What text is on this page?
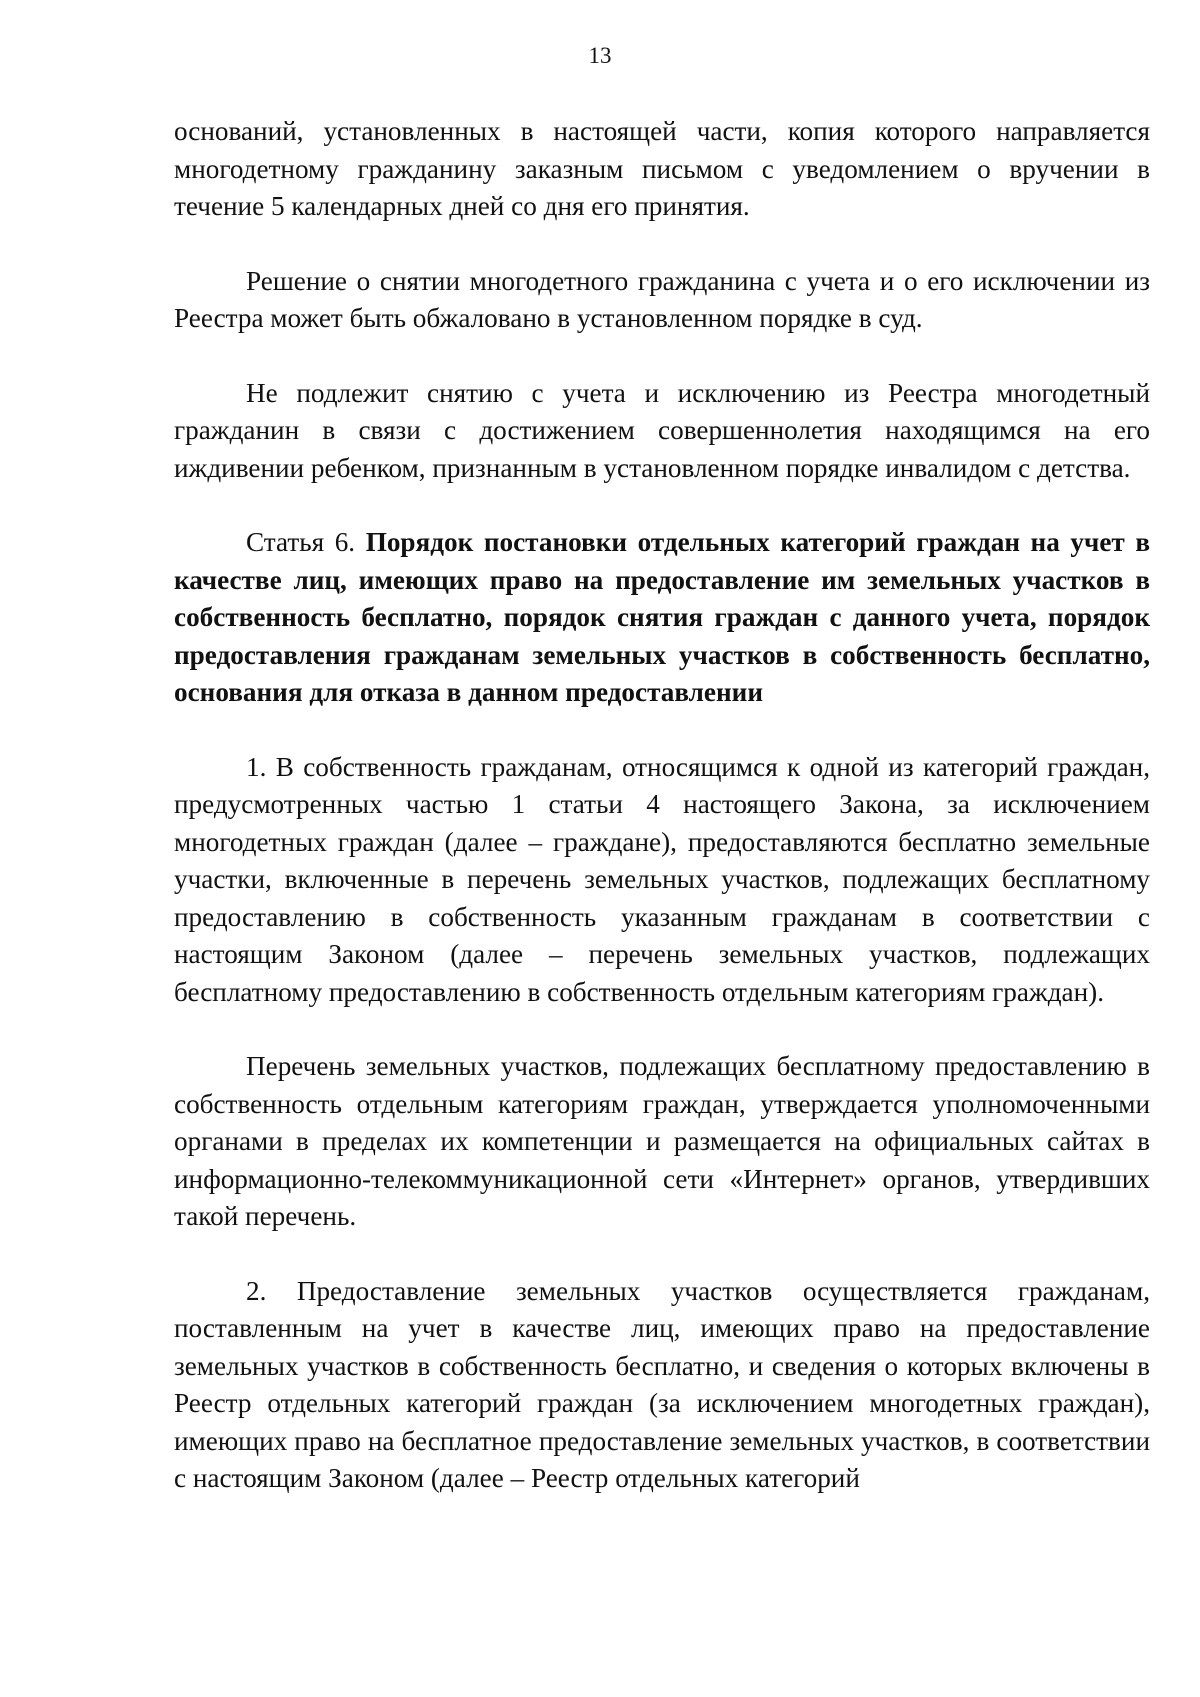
13

оснований, установленных в настоящей части, копия которого направляется многодетному гражданину заказным письмом с уведомлением о вручении в течение 5 календарных дней со дня его принятия.

Решение о снятии многодетного гражданина с учета и о его исключении из Реестра может быть обжаловано в установленном порядке в суд.

Не подлежит снятию с учета и исключению из Реестра многодетный гражданин в связи с достижением совершеннолетия находящимся на его иждивении ребенком, признанным в установленном порядке инвалидом с детства.

Статья 6. Порядок постановки отдельных категорий граждан на учет в качестве лиц, имеющих право на предоставление им земельных участков в собственность бесплатно, порядок снятия граждан с данного учета, порядок предоставления гражданам земельных участков в собственность бесплатно, основания для отказа в данном предоставлении

1. В собственность гражданам, относящимся к одной из категорий граждан, предусмотренных частью 1 статьи 4 настоящего Закона, за исключением многодетных граждан (далее – граждане), предоставляются бесплатно земельные участки, включенные в перечень земельных участков, подлежащих бесплатному предоставлению в собственность указанным гражданам в соответствии с настоящим Законом (далее – перечень земельных участков, подлежащих бесплатному предоставлению в собственность отдельным категориям граждан).

Перечень земельных участков, подлежащих бесплатному предоставлению в собственность отдельным категориям граждан, утверждается уполномоченными органами в пределах их компетенции и размещается на официальных сайтах в информационно-телекоммуникационной сети «Интернет» органов, утвердивших такой перечень.

2. Предоставление земельных участков осуществляется гражданам, поставленным на учет в качестве лиц, имеющих право на предоставление земельных участков в собственность бесплатно, и сведения о которых включены в Реестр отдельных категорий граждан (за исключением многодетных граждан), имеющих право на бесплатное предоставление земельных участков, в соответствии с настоящим Законом (далее – Реестр отдельных категорий
